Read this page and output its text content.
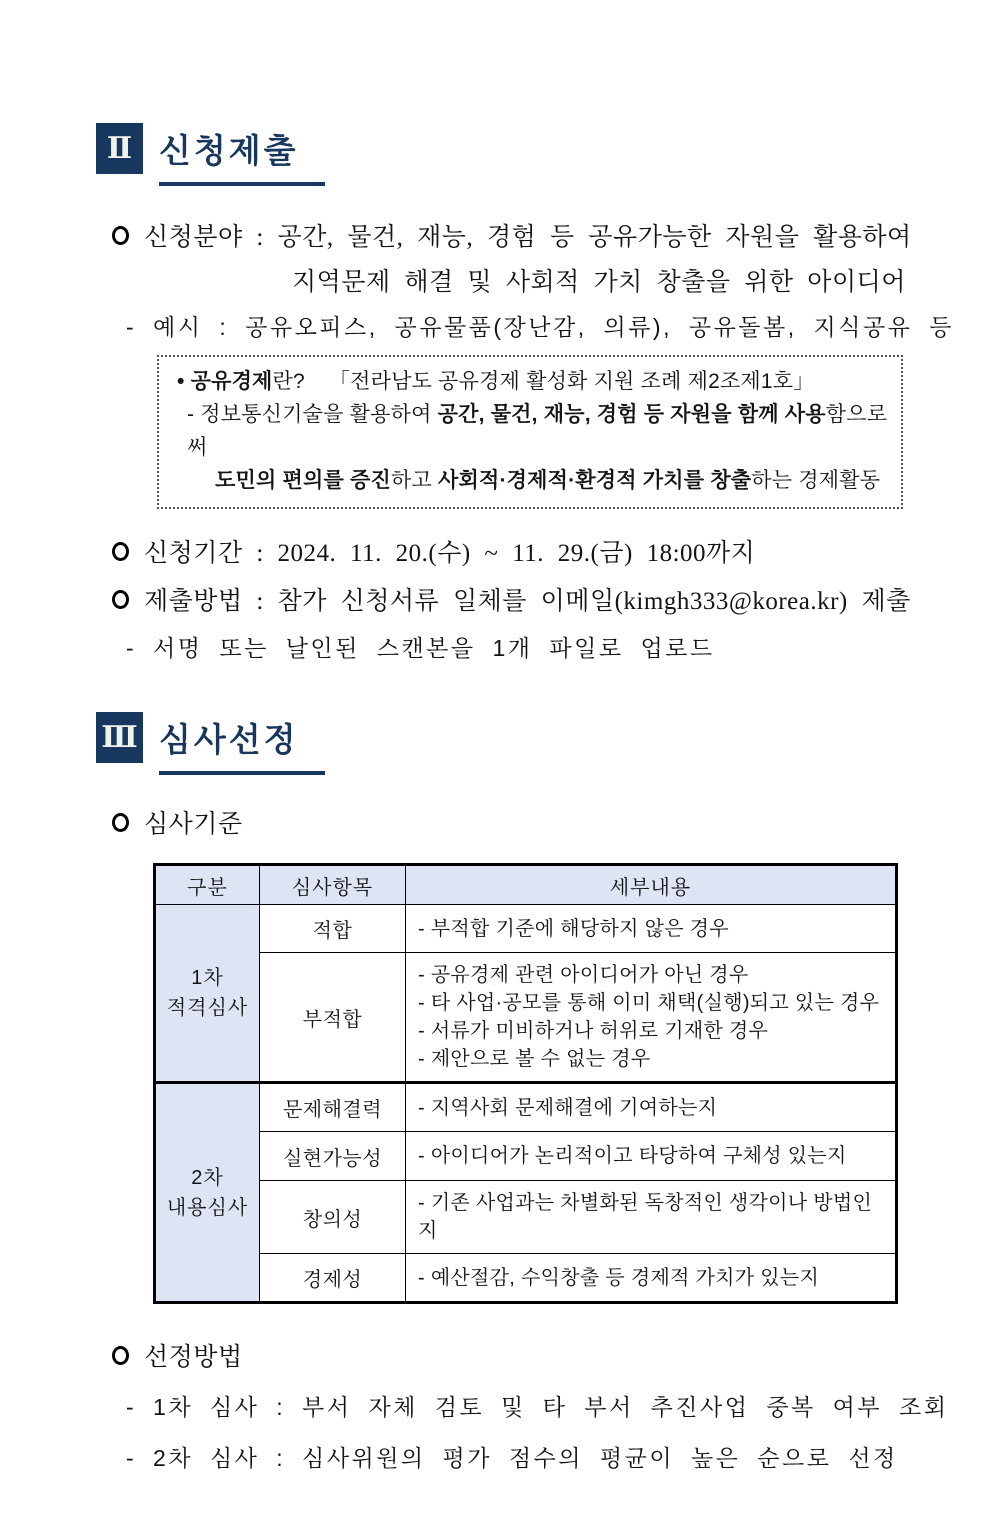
Ⅱ 신청제출
신청분야 : 공간, 물건, 재능, 경험 등 공유가능한 자원을 활용하여
지역문제 해결 및 사회적 가치 창출을 위한 아이디어
- 예시 : 공유오피스, 공유물품(장난감, 의류), 공유돌봄, 지식공유 등
• 공유경제란? 「전라남도 공유경제 활성화 지원 조례 제2조제1호」
- 정보통신기술을 활용하여 공간, 물건, 재능, 경험 등 자원을 함께 사용함으로써
도민의 편의를 증진하고 사회적·경제적·환경적 가치를 창출하는 경제활동
신청기간 : 2024. 11. 20.(수) ~ 11. 29.(금) 18:00까지
제출방법 : 참가 신청서류 일체를 이메일(kimgh333@korea.kr) 제출
- 서명 또는 날인된 스캔본을 1개 파일로 업로드
Ⅲ 심사선정
심사기준
구분	심사항목	세부내용

1차
적격심사	적합	- 부적합 기준에 해당하지 않은 경우

	부적합	- 공유경제 관련 아이디어가 아닌 경우
- 타 사업·공모를 통해 이미 채택(실행)되고 있는 경우
- 서류가 미비하거나 허위로 기재한 경우
- 제안으로 볼 수 없는 경우

2차
내용심사	문제해결력	- 지역사회 문제해결에 기여하는지

	실현가능성	- 아이디어가 논리적이고 타당하여 구체성 있는지

	창의성	- 기존 사업과는 차별화된 독창적인 생각이나 방법인지

	경제성	- 예산절감, 수익창출 등 경제적 가치가 있는지
선정방법
- 1차 심사 : 부서 자체 검토 및 타 부서 추진사업 중복 여부 조회
- 2차 심사 : 심사위원의 평가 점수의 평균이 높은 순으로 선정
